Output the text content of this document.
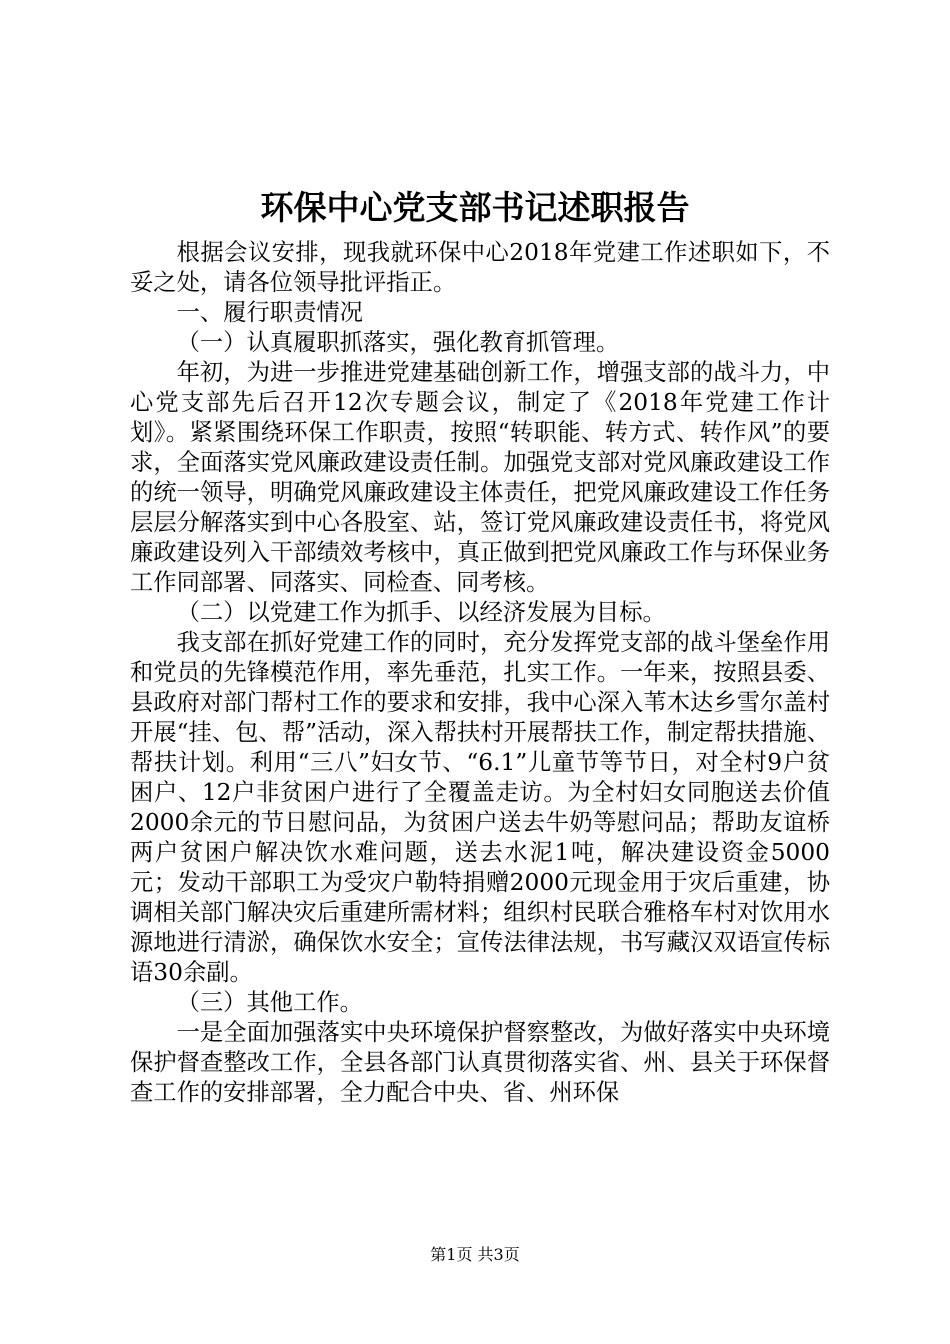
环保中心党支部书记述职报告

根据会议安排，现我就环保中心2018年党建工作述职如下，不妥之处，请各位领导批评指正。

一、履行职责情况

（一）认真履职抓落实，强化教育抓管理。

年初，为进一步推进党建基础创新工作，增强支部的战斗力，中心党支部先后召开12次专题会议，制定了《2018年党建工作计划》。紧紧围绕环保工作职责，按照“转职能、转方式、转作风”的要求，全面落实党风廉政建设责任制。加强党支部对党风廉政建设工作的统一领导，明确党风廉政建设主体责任，把党风廉政建设工作任务层层分解落实到中心各股室、站，签订党风廉政建设责任书，将党风廉政建设列入干部绩效考核中，真正做到把党风廉政工作与环保业务工作同部署、同落实、同检查、同考核。

（二）以党建工作为抓手、以经济发展为目标。

我支部在抓好党建工作的同时，充分发挥党支部的战斗堡垒作用和党员的先锋模范作用，率先垂范，扎实工作。一年来，按照县委、县政府对部门帮村工作的要求和安排，我中心深入苇木达乡雪尔盖村开展“挂、包、帮”活动，深入帮扶村开展帮扶工作，制定帮扶措施、帮扶计划。利用“三八”妇女节、“6.1”儿童节等节日，对全村9户贫困户、12户非贫困户进行了全覆盖走访。为全村妇女同胞送去价值2000余元的节日慰问品，为贫困户送去牛奶等慰问品；帮助友谊桥两户贫困户解决饮水难问题，送去水泥1吨，解决建设资金5000元；发动干部职工为受灾户勒特捐赠2000元现金用于灾后重建，协调相关部门解决灾后重建所需材料；组织村民联合雅格车村对饮用水源地进行清淤，确保饮水安全；宣传法律法规，书写藏汉双语宣传标语30余副。

（三）其他工作。

一是全面加强落实中央环境保护督察整改，为做好落实中央环境保护督查整改工作，全县各部门认真贯彻落实省、州、县关于环保督查工作的安排部署，全力配合中央、省、州环保

第1页 共3页
